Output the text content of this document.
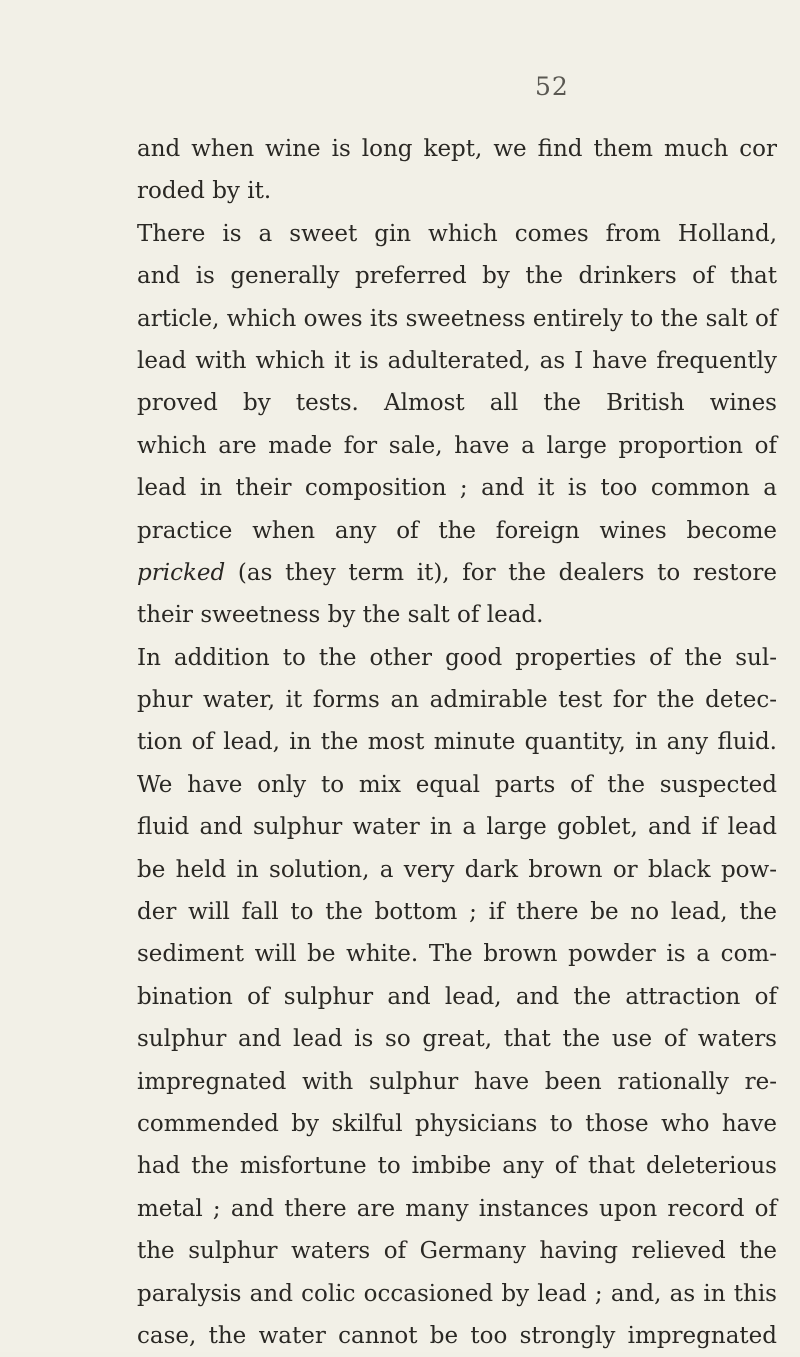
52
and when wine is long kept, we find them much cor
roded by it.
There is a sweet gin which comes from Holland,
and is generally preferred by the drinkers of that
article, which owes its sweetness entirely to the salt of
lead with which it is adulterated, as I have frequently
proved by tests. Almost all the British wines
which are made for sale, have a large proportion of
lead in their composition ; and it is too common a
practice when any of the foreign wines become
pricked (as they term it), for the dealers to restore
their sweetness by the salt of lead.
In addition to the other good properties of the sul-
phur water, it forms an admirable test for the detec-
tion of lead, in the most minute quantity, in any fluid.
We have only to mix equal parts of the suspected
fluid and sulphur water in a large goblet, and if lead
be held in solution, a very dark brown or black pow-
der will fall to the bottom ; if there be no lead, the
sediment will be white. The brown powder is a com-
bination of sulphur and lead, and the attraction of
sulphur and lead is so great, that the use of waters
impregnated with sulphur have been rationally re-
commended by skilful physicians to those who have
had the misfortune to imbibe any of that deleterious
metal ; and there are many instances upon record of
the sulphur waters of Germany having relieved the
paralysis and colic occasioned by lead ; and, as in this
case, the water cannot be too strongly impregnated
